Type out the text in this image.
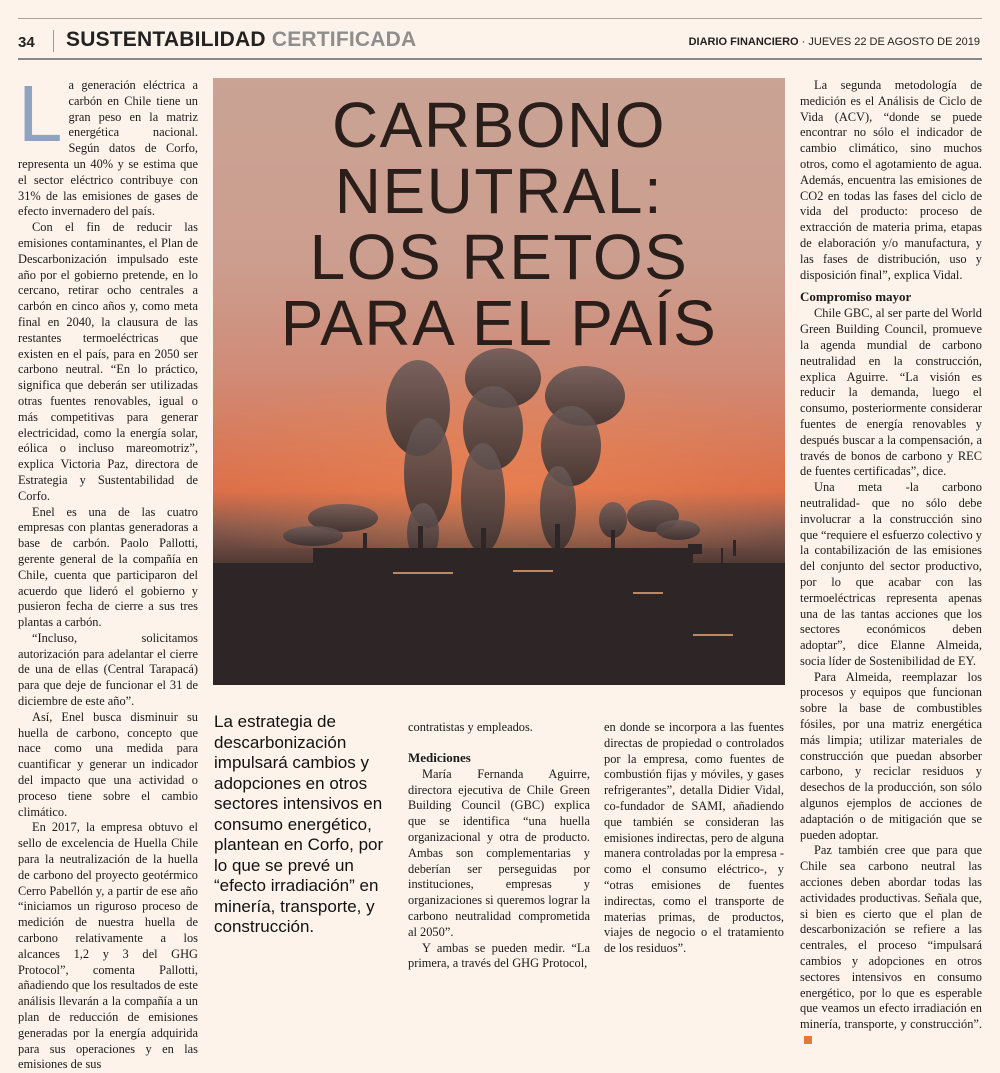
34 SUSTENTABILIDAD CERTIFICADA	DIARIO FINANCIERO · JUEVES 22 DE AGOSTO DE 2019

La generación eléctrica a carbón en Chile tiene un gran peso en la matriz energética nacional. Según datos de Corfo, representa un 40% y se estima que el sector eléctrico contribuye con 31% de las emisiones de gases de efecto invernadero del país.

Con el fin de reducir las emisiones contaminantes, el Plan de Descarbonización impulsado este año por el gobierno pretende, en lo cercano, retirar ocho centrales a carbón en cinco años y, como meta final en 2040, la clausura de las restantes termoeléctricas que existen en el país, para en 2050 ser carbono neutral. “En lo práctico, significa que deberán ser utilizadas otras fuentes renovables, igual o más competitivas para generar electricidad, como la energía solar, eólica o incluso mareomotriz”, explica Victoria Paz, directora de Estrategia y Sustentabilidad de Corfo.

Enel es una de las cuatro empresas con plantas generadoras a base de carbón. Paolo Pallotti, gerente general de la compañía en Chile, cuenta que participaron del acuerdo que lideró el gobierno y pusieron fecha de cierre a sus tres plantas a carbón.

“Incluso, solicitamos autorización para adelantar el cierre de una de ellas (Central Tarapacá) para que deje de funcionar el 31 de diciembre de este año”.

Así, Enel busca disminuir su huella de carbono, concepto que nace como una medida para cuantificar y generar un indicador del impacto que una actividad o proceso tiene sobre el cambio climático.

En 2017, la empresa obtuvo el sello de excelencia de Huella Chile para la neutralización de la huella de carbono del proyecto geotérmico Cerro Pabellón y, a partir de ese año “iniciamos un riguroso proceso de medición de nuestra huella de carbono relativamente a los alcances 1,2 y 3 del GHG Protocol”, comenta Pallotti, añadiendo que los resultados de este análisis llevarán a la compañía a un plan de reducción de emisiones generadas por la energía adquirida para sus operaciones y en las emisiones de sus

CARBONO
NEUTRAL:
LOS RETOS
PARA EL PAÍS
La estrategia de descarbonización impulsará cambios y adopciones en otros sectores intensivos en consumo energético, plantean en Corfo, por lo que se prevé un “efecto irradiación” en minería, transporte, y construcción.

contratistas y empleados.

Mediciones

María Fernanda Aguirre, directora ejecutiva de Chile Green Building Council (GBC) explica que se identifica “una huella organizacional y otra de producto. Ambas son complementarias y deberían ser perseguidas por instituciones, empresas y organizaciones si queremos lograr la carbono neutralidad comprometida al 2050”.

Y ambas se pueden medir. “La primera, a través del GHG Protocol,

en donde se incorpora a las fuentes directas de propiedad o controlados por la empresa, como fuentes de combustión fijas y móviles, y gases refrigerantes”, detalla Didier Vidal, co-fundador de SAMI, añadiendo que también se consideran las emisiones indirectas, pero de alguna manera controladas por la empresa -como el consumo eléctrico-, y “otras emisiones de fuentes indirectas, como el transporte de materias primas, de productos, viajes de negocio o el tratamiento de los residuos”.

La segunda metodología de medición es el Análisis de Ciclo de Vida (ACV), “donde se puede encontrar no sólo el indicador de cambio climático, sino muchos otros, como el agotamiento de agua. Además, encuentra las emisiones de CO2 en todas las fases del ciclo de vida del producto: proceso de extracción de materia prima, etapas de elaboración y/o manufactura, y las fases de distribución, uso y disposición final”, explica Vidal.

Compromiso mayor

Chile GBC, al ser parte del World Green Building Council, promueve la agenda mundial de carbono neutralidad en la construcción, explica Aguirre. “La visión es reducir la demanda, luego el consumo, posteriormente considerar fuentes de energía renovables y después buscar a la compensación, a través de bonos de carbono y REC de fuentes certificadas”, dice.

Una meta -la carbono neutralidad- que no sólo debe involucrar a la construcción sino que “requiere el esfuerzo colectivo y la contabilización de las emisiones del conjunto del sector productivo, por lo que acabar con las termoeléctricas representa apenas una de las tantas acciones que los sectores económicos deben adoptar”, dice Elanne Almeida, socia líder de Sostenibilidad de EY.

Para Almeida, reemplazar los procesos y equipos que funcionan sobre la base de combustibles fósiles, por una matriz energética más limpia; utilizar materiales de construcción que puedan absorber carbono, y reciclar residuos y desechos de la producción, son sólo algunos ejemplos de acciones de adaptación o de mitigación que se pueden adoptar.

Paz también cree que para que Chile sea carbono neutral las acciones deben abordar todas las actividades productivas. Señala que, si bien es cierto que el plan de descarbonización se refiere a las centrales, el proceso “impulsará cambios y adopciones en otros sectores intensivos en consumo energético, por lo que es esperable que veamos un efecto irradiación en minería, transporte, y construcción”.
